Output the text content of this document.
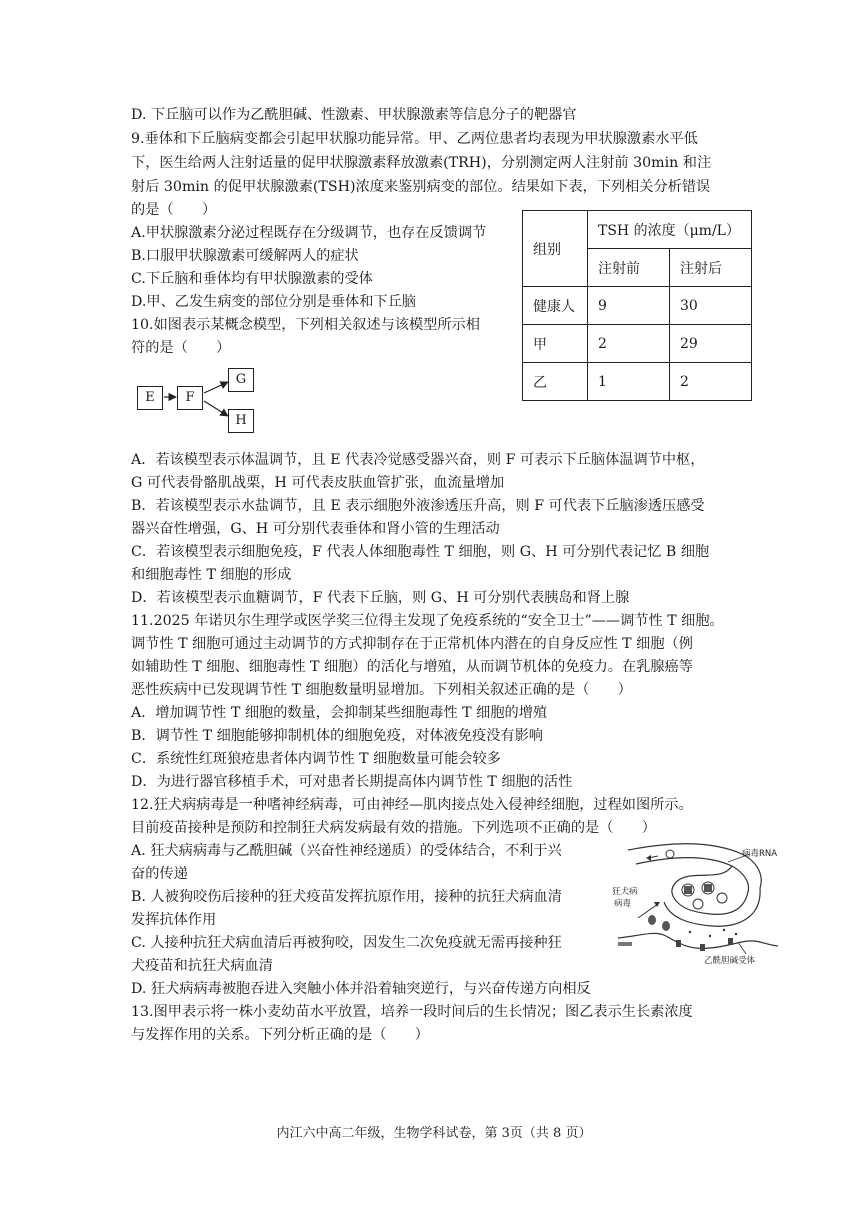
D. 下丘脑可以作为乙酰胆碱、性激素、甲状腺激素等信息分子的靶器官
9.垂体和下丘脑病变都会引起甲状腺功能异常。甲、乙两位患者均表现为甲状腺激素水平低
下，医生给两人注射适量的促甲状腺激素释放激素(TRH)，分别测定两人注射前 30min 和注
射后 30min 的促甲状腺激素(TSH)浓度来鉴别病变的部位。结果如下表，下列相关分析错误
的是（　　）
A.甲状腺激素分泌过程既存在分级调节，也存在反馈调节
B.口服甲状腺激素可缓解两人的症状
C.下丘脑和垂体均有甲状腺激素的受体
D.甲、乙发生病变的部位分别是垂体和下丘脑
组别	TSH 的浓度（μm/L）	
	注射前	注射后
健康人	9	30
甲	2	29
乙	1	2
10.如图表示某概念模型，下列相关叙述与该模型所示相
符的是（　　）
E	F
G
H
A．若该模型表示体温调节，且 E 代表冷觉感受器兴奋，则 F 可表示下丘脑体温调节中枢，
G 可代表骨骼肌战栗，H 可代表皮肤血管扩张，血流量增加
B．若该模型表示水盐调节，且 E 表示细胞外液渗透压升高，则 F 可代表下丘脑渗透压感受
器兴奋性增强，G、H 可分别代表垂体和肾小管的生理活动
C．若该模型表示细胞免疫，F 代表人体细胞毒性 T 细胞，则 G、H 可分别代表记忆 B 细胞
和细胞毒性 T 细胞的形成
D．若该模型表示血糖调节，F 代表下丘脑，则 G、H 可分别代表胰岛和肾上腺
11.2025 年诺贝尔生理学或医学奖三位得主发现了免疫系统的“安全卫士”——调节性 T 细胞。
调节性 T 细胞可通过主动调节的方式抑制存在于正常机体内潜在的自身反应性 T 细胞（例
如辅助性 T 细胞、细胞毒性 T 细胞）的活化与增殖，从而调节机体的免疫力。在乳腺癌等
恶性疾病中已发现调节性 T 细胞数量明显增加。下列相关叙述正确的是（　　）
A．增加调节性 T 细胞的数量，会抑制某些细胞毒性 T 细胞的增殖
B．调节性 T 细胞能够抑制机体的细胞免疫，对体液免疫没有影响
C．系统性红斑狼疮患者体内调节性 T 细胞数量可能会较多
D．为进行器官移植手术，可对患者长期提高体内调节性 T 细胞的活性
12.狂犬病病毒是一种嗜神经病毒，可由神经—肌肉接点处入侵神经细胞，过程如图所示。
目前疫苗接种是预防和控制狂犬病发病最有效的措施。下列选项不正确的是（　　）
A. 狂犬病病毒与乙酰胆碱（兴奋性神经递质）的受体结合，不利于兴
奋的传递
B. 人被狗咬伤后接种的狂犬疫苗发挥抗原作用，接种的抗狂犬病血清
发挥抗体作用
C. 人接种抗狂犬病血清后再被狗咬，因发生二次免疫就无需再接种狂
犬疫苗和抗狂犬病血清
D. 狂犬病病毒被胞吞进入突触小体并沿着轴突逆行，与兴奋传递方向相反
病毒RNA
狂犬病
病毒
乙酰胆碱受体
13.图甲表示将一株小麦幼苗水平放置，培养一段时间后的生长情况；图乙表示生长素浓度
与发挥作用的关系。下列分析正确的是（　　）
内江六中高二年级，生物学科试卷，第 3页（共 8 页）
